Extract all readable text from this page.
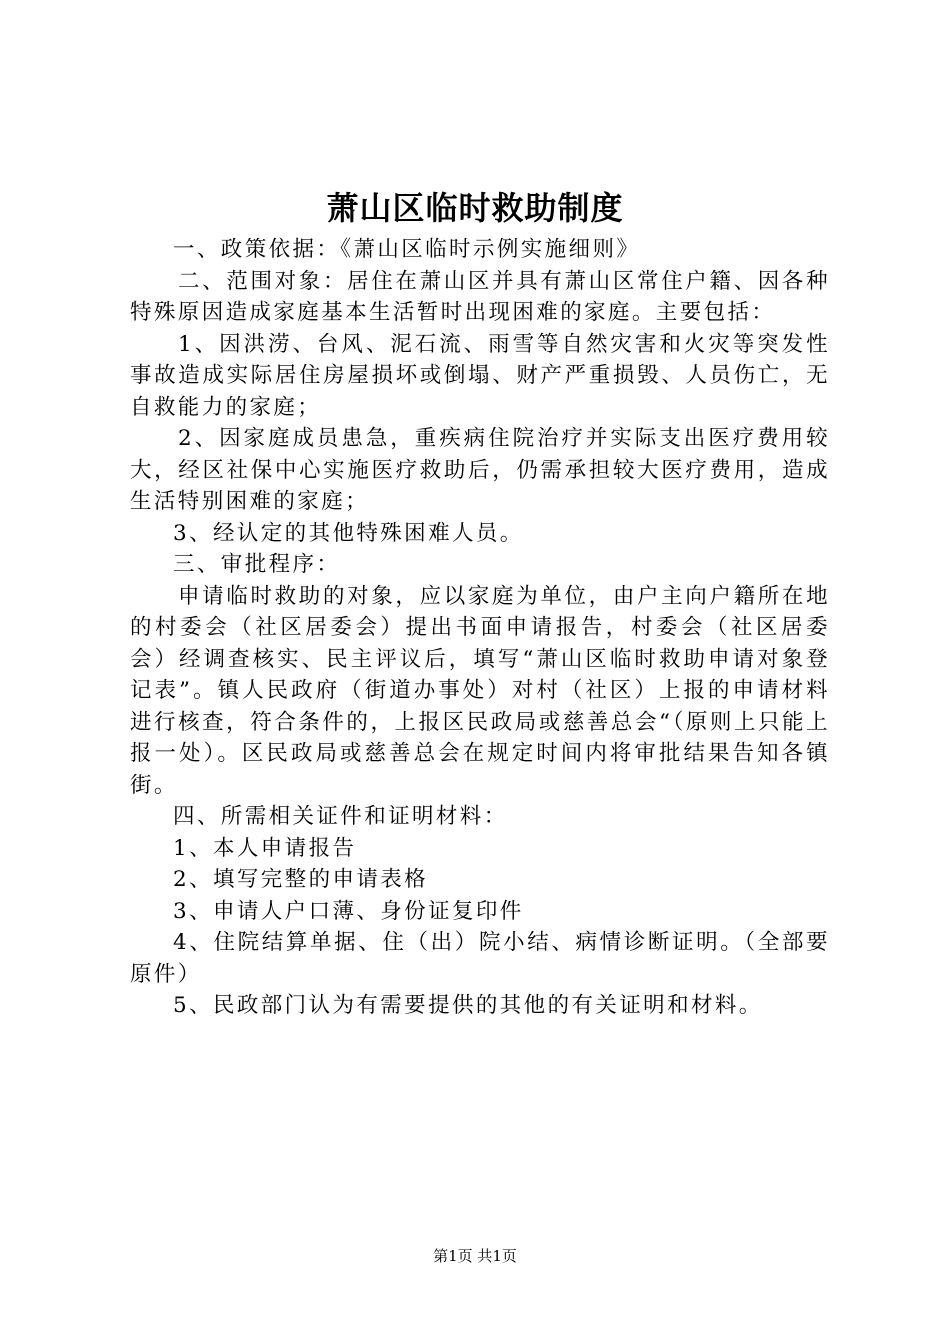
萧山区临时救助制度

一、政策依据：《萧山区临时示例实施细则》

二、范围对象：居住在萧山区并具有萧山区常住户籍、因各种特殊原因造成家庭基本生活暂时出现困难的家庭。主要包括：

1、因洪涝、台风、泥石流、雨雪等自然灾害和火灾等突发性事故造成实际居住房屋损坏或倒塌、财产严重损毁、人员伤亡，无自救能力的家庭；

2、因家庭成员患急，重疾病住院治疗并实际支出医疗费用较大，经区社保中心实施医疗救助后，仍需承担较大医疗费用，造成生活特别困难的家庭；

3、经认定的其他特殊困难人员。

三、审批程序：

申请临时救助的对象，应以家庭为单位，由户主向户籍所在地的村委会（社区居委会）提出书面申请报告，村委会（社区居委会）经调查核实、民主评议后，填写“萧山区临时救助申请对象登记表”。镇人民政府（街道办事处）对村（社区）上报的申请材料进行核查，符合条件的，上报区民政局或慈善总会“（原则上只能上报一处）。区民政局或慈善总会在规定时间内将审批结果告知各镇街。

四、所需相关证件和证明材料：

1、本人申请报告

2、填写完整的申请表格

3、申请人户口薄、身份证复印件

4、住院结算单据、住（出）院小结、病情诊断证明。（全部要原件）

5、民政部门认为有需要提供的其他的有关证明和材料。

第1页 共1页
